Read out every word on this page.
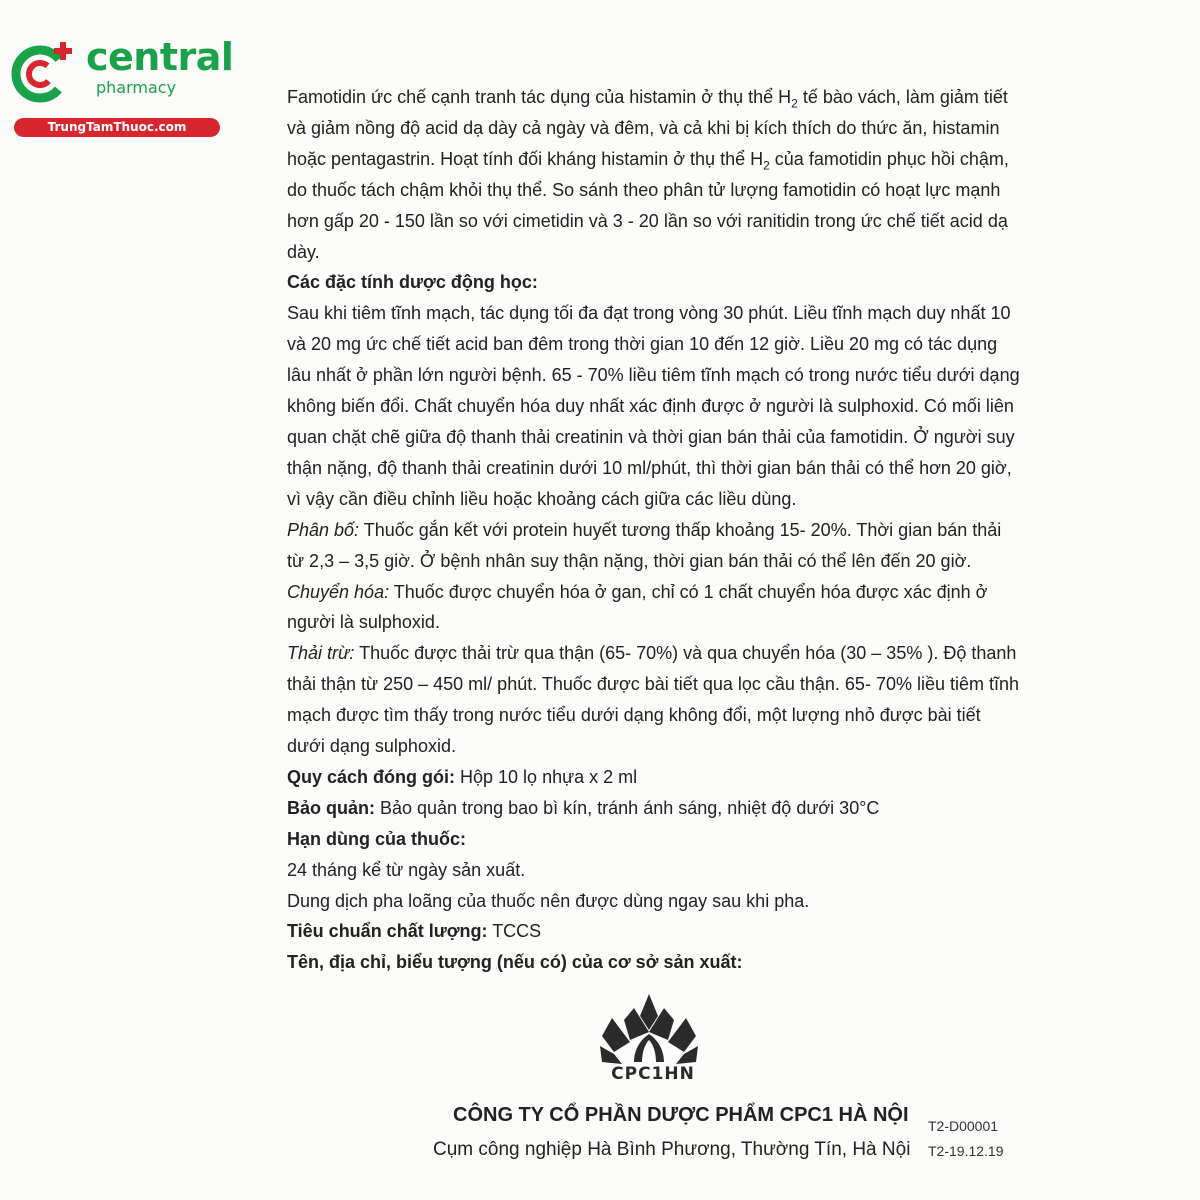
central
pharmacy
TrungTamThuoc.com

Famotidin ức chế cạnh tranh tác dụng của histamin ở thụ thể $H_2$ tế bào vách, làm giảm tiết và giảm nồng độ acid dạ dày cả ngày và đêm, và cả khi bị kích thích do thức ăn, histamin hoặc pentagastrin. Hoạt tính đối kháng histamin ở thụ thể $H_2$ của famotidin phục hồi chậm, do thuốc tách chậm khỏi thụ thể. So sánh theo phân tử lượng famotidin có hoạt lực mạnh hơn gấp 20 - 150 lần so với cimetidin và 3 - 20 lần so với ranitidin trong ức chế tiết acid dạ dày.

Các đặc tính dược động học:

Sau khi tiêm tĩnh mạch, tác dụng tối đa đạt trong vòng 30 phút. Liều tĩnh mạch duy nhất 10 và 20 mg ức chế tiết acid ban đêm trong thời gian 10 đến 12 giờ. Liều 20 mg có tác dụng lâu nhất ở phần lớn người bệnh. 65 - 70% liều tiêm tĩnh mạch có trong nước tiểu dưới dạng không biến đổi. Chất chuyển hóa duy nhất xác định được ở người là sulphoxid. Có mối liên quan chặt chẽ giữa độ thanh thải creatinin và thời gian bán thải của famotidin. Ở người suy thận nặng, độ thanh thải creatinin dưới 10 ml/phút, thì thời gian bán thải có thể hơn 20 giờ, vì vậy cần điều chỉnh liều hoặc khoảng cách giữa các liều dùng.

Phân bố: Thuốc gắn kết với protein huyết tương thấp khoảng 15- 20%. Thời gian bán thải từ 2,3 – 3,5 giờ. Ở bệnh nhân suy thận nặng, thời gian bán thải có thể lên đến 20 giờ.

Chuyển hóa: Thuốc được chuyển hóa ở gan, chỉ có 1 chất chuyển hóa được xác định ở người là sulphoxid.

Thải trừ: Thuốc được thải trừ qua thận (65- 70%) và qua chuyển hóa (30 – 35% ). Độ thanh thải thận từ 250 – 450 ml/ phút. Thuốc được bài tiết qua lọc cầu thận. 65- 70% liều tiêm tĩnh mạch được tìm thấy trong nước tiểu dưới dạng không đổi, một lượng nhỏ được bài tiết dưới dạng sulphoxid.

Quy cách đóng gói: Hộp 10 lọ nhựa x 2 ml

Bảo quản: Bảo quản trong bao bì kín, tránh ánh sáng, nhiệt độ dưới 30°C

Hạn dùng của thuốc:

24 tháng kể từ ngày sản xuất.

Dung dịch pha loãng của thuốc nên được dùng ngay sau khi pha.

Tiêu chuẩn chất lượng: TCCS

Tên, địa chỉ, biểu tượng (nếu có) của cơ sở sản xuất:

CPC1HN
CÔNG TY CỔ PHẦN DƯỢC PHẨM CPC1 HÀ NỘI
Cụm công nghiệp Hà Bình Phương, Thường Tín, Hà Nội
T2-D00001
T2-19.12.19
